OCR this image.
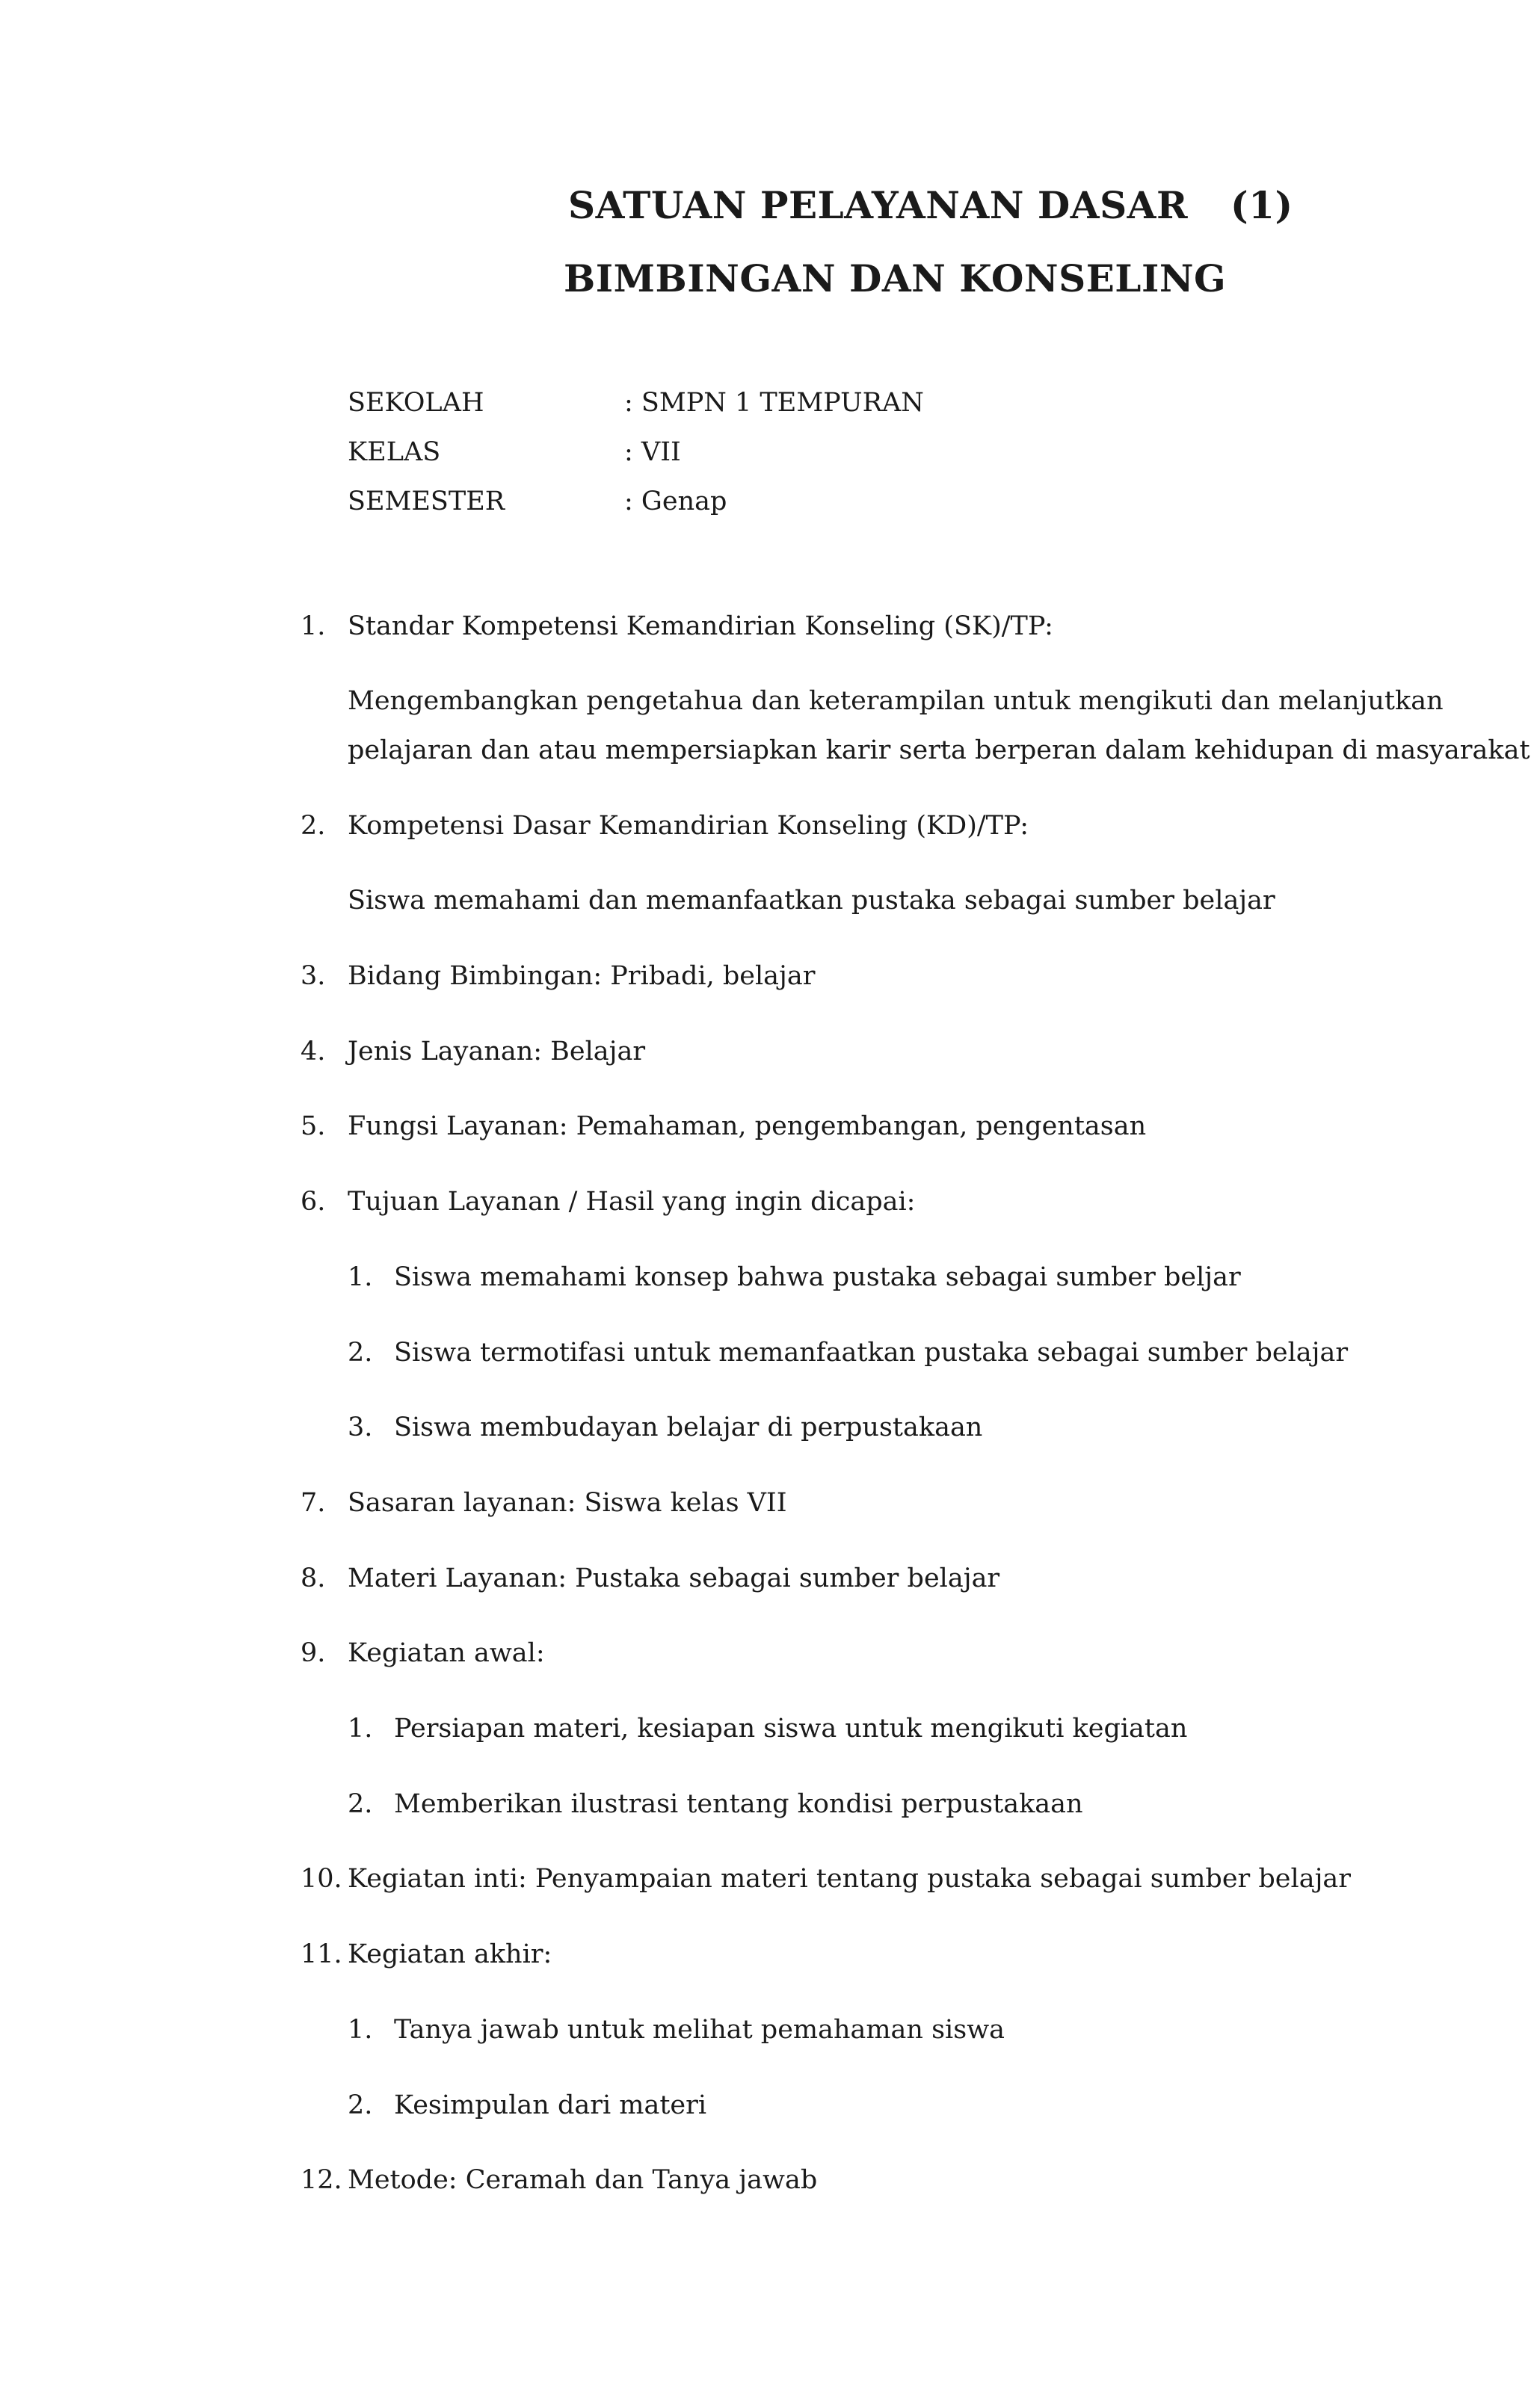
SATUAN PELAYANAN DASAR (1)
BIMBINGAN DAN KONSELING
SEKOLAH	: SMPN 1 TEMPURAN
KELAS	: VII
SEMESTER	: Genap
1. Standar Kompetensi Kemandirian Konseling (SK)/TP:
Mengembangkan pengetahua dan keterampilan untuk mengikuti dan melanjutkan
pelajaran dan atau mempersiapkan karir serta berperan dalam kehidupan di masyarakat
2. Kompetensi Dasar Kemandirian Konseling (KD)/TP:
Siswa memahami dan memanfaatkan pustaka sebagai sumber belajar
3. Bidang Bimbingan: Pribadi, belajar
4. Jenis Layanan: Belajar
5. Fungsi Layanan: Pemahaman, pengembangan, pengentasan
6. Tujuan Layanan / Hasil yang ingin dicapai:
1. Siswa memahami konsep bahwa pustaka sebagai sumber beljar
2. Siswa termotifasi untuk memanfaatkan pustaka sebagai sumber belajar
3. Siswa membudayan belajar di perpustakaan
7. Sasaran layanan: Siswa kelas VII
8. Materi Layanan: Pustaka sebagai sumber belajar
9. Kegiatan awal:
1. Persiapan materi, kesiapan siswa untuk mengikuti kegiatan
2. Memberikan ilustrasi tentang kondisi perpustakaan
10. Kegiatan inti: Penyampaian materi tentang pustaka sebagai sumber belajar
11. Kegiatan akhir:
1. Tanya jawab untuk melihat pemahaman siswa
2. Kesimpulan dari materi
12. Metode: Ceramah dan Tanya jawab
